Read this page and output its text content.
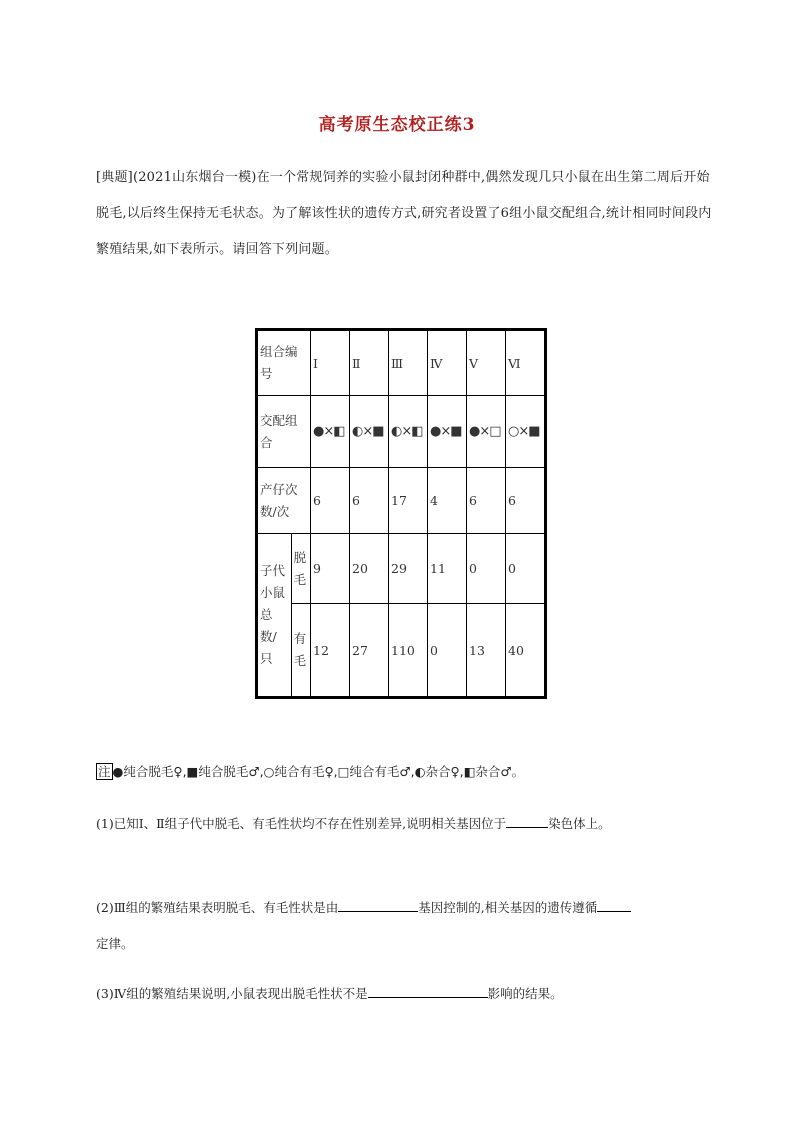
高考原生态校正练3
[典题](2021山东烟台一模)在一个常规饲养的实验小鼠封闭种群中,偶然发现几只小鼠在出生第二周后开始脱毛,以后终生保持无毛状态。为了解该性状的遗传方式,研究者设置了6组小鼠交配组合,统计相同时间段内繁殖结果,如下表所示。请回答下列问题。
组合编号		Ⅰ	Ⅱ	Ⅲ	Ⅳ	Ⅴ	Ⅵ
交配组合		●×◧	◐×■	◐×◧	●×■	●×□	○×■
产仔次数/次		6	6	17	4	6	6
子代小鼠总数/只	脱毛	9	20	29	11	0	0
	有毛	12	27	110	0	13	40
注 ●纯合脱毛♀,■纯合脱毛♂,○纯合有毛♀,□纯合有毛♂,◐杂合♀,◧杂合♂。
(1)已知Ⅰ、Ⅱ组子代中脱毛、有毛性状均不存在性别差异,说明相关基因位于	染色体上。
(2)Ⅲ组的繁殖结果表明脱毛、有毛性状是由	基因控制的,相关基因的遗传遵循
定律。
(3)Ⅳ组的繁殖结果说明,小鼠表现出脱毛性状不是	影响的结果。
